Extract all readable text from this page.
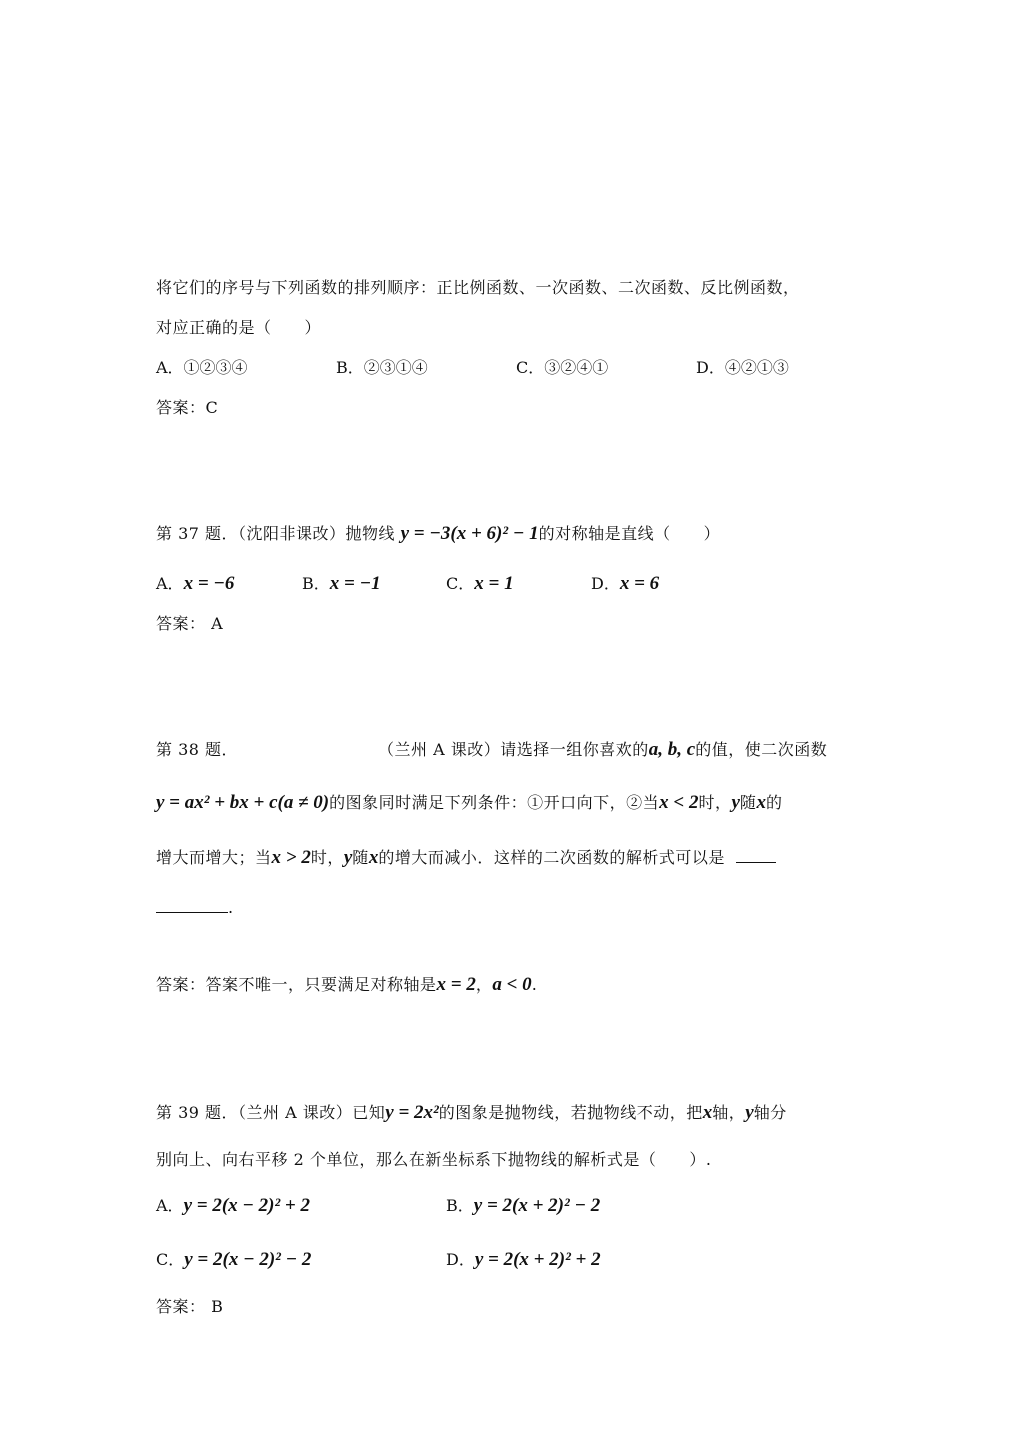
将它们的序号与下列函数的排列顺序：正比例函数、一次函数、二次函数、反比例函数，
对应正确的是（　　）
A．①②③④	B．②③①④	C．③②④①	D．④②①③
答案：C
第 37 题．（沈阳非课改）抛物线 y = −3(x + 6)² − 1的对称轴是直线（　　）
A．x = −6	B．x = −1	C．x = 1	D．x = 6
答案： A
第 38 题．	（兰州 A 课改）请选择一组你喜欢的a, b, c的值，使二次函数
y = ax² + bx + c(a ≠ 0)的图象同时满足下列条件：①开口向下，②当x < 2时，y随x的
增大而增大；当x > 2时，y随x的增大而减小．这样的二次函数的解析式可以是
.
答案：答案不唯一，只要满足对称轴是x = 2，a < 0.
第 39 题．（兰州 A 课改）已知y = 2x²的图象是抛物线，若抛物线不动，把x轴，y轴分
别向上、向右平移 2 个单位，那么在新坐标系下抛物线的解析式是（　　）.
A．y = 2(x − 2)² + 2	B．y = 2(x + 2)² − 2
C．y = 2(x − 2)² − 2	D．y = 2(x + 2)² + 2
答案： B
